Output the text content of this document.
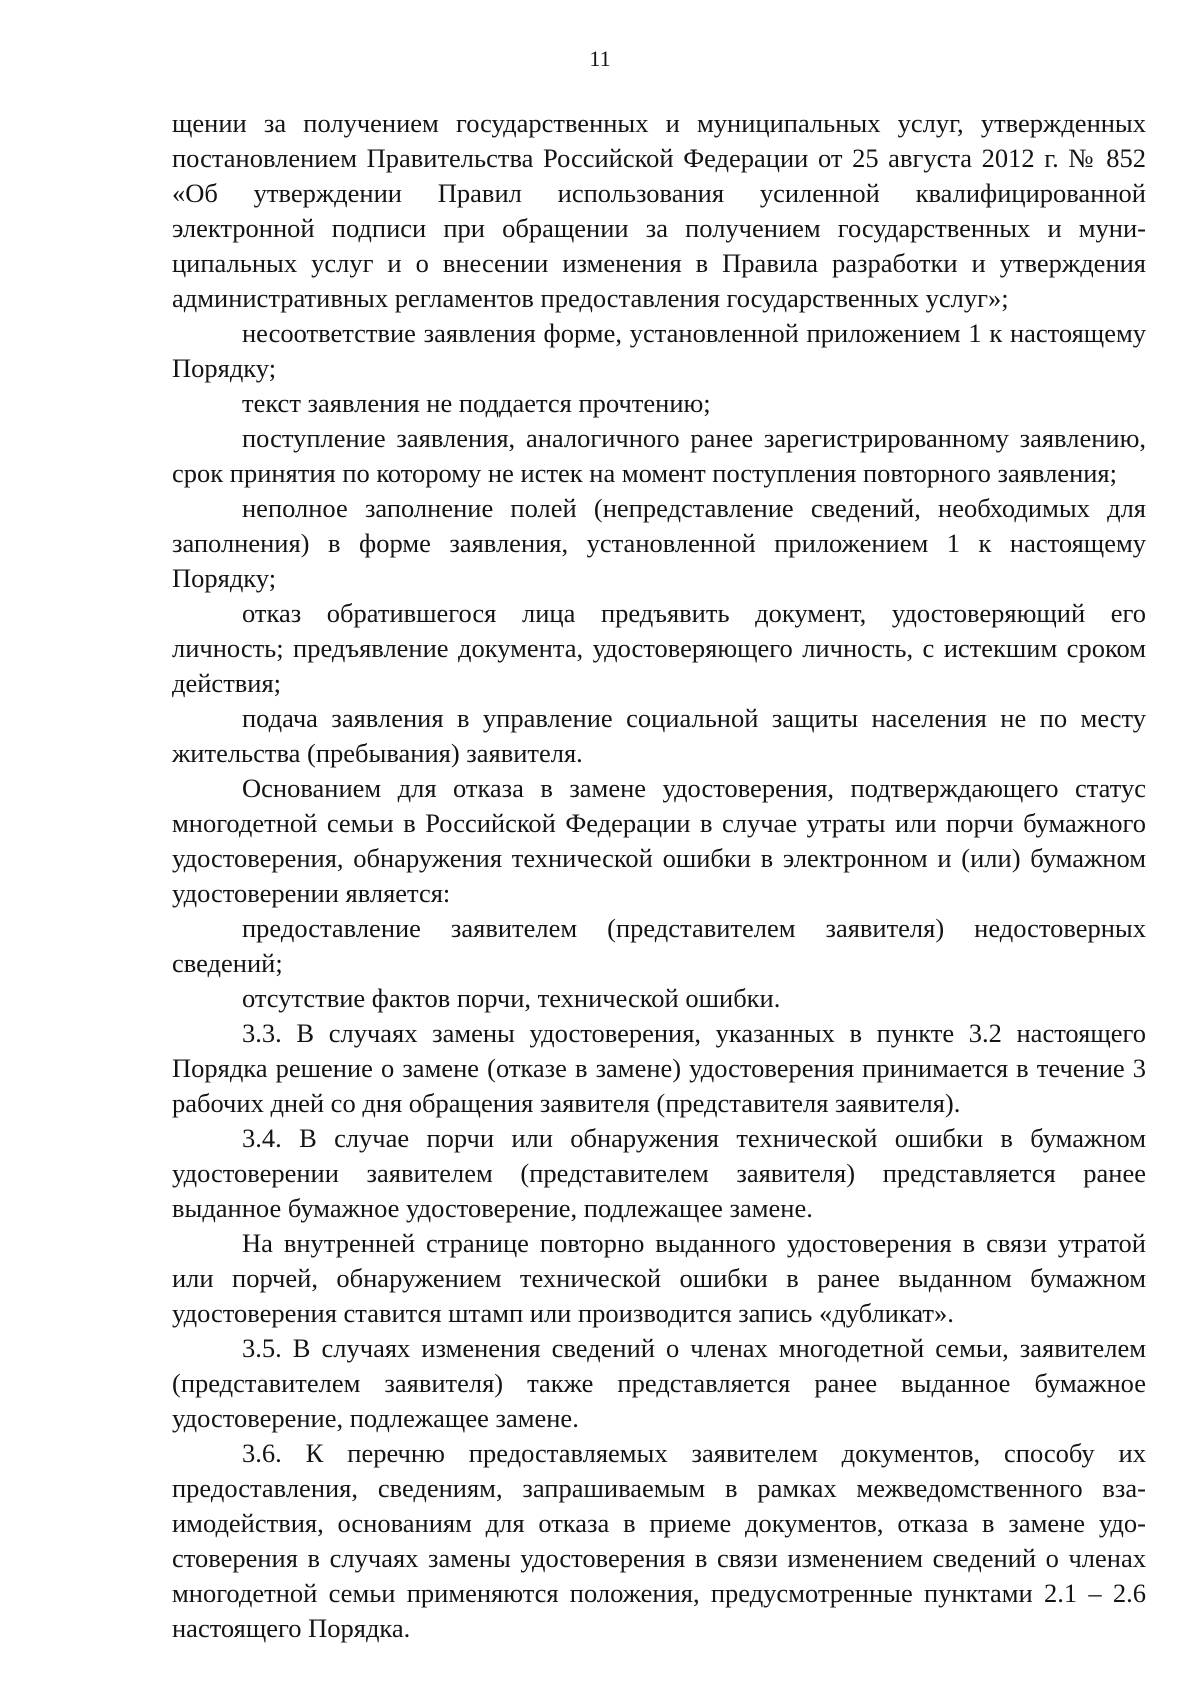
11

щении за получением государственных и муниципальных услуг, утвержденных постановлением Правительства Российской Федерации от 25 августа 2012 г. № 852 «Об утверждении Правил использования усиленной квалифицированной электронной подписи при обращении за получением государственных и муниципальных услуг и о внесении изменения в Правила разработки и утверждения административных регламентов предоставления государственных услуг»;

несоответствие заявления форме, установленной приложением 1 к настоящему Порядку;

текст заявления не поддается прочтению;

поступление заявления, аналогичного ранее зарегистрированному заявлению, срок принятия по которому не истек на момент поступления повторного заявления;

неполное заполнение полей (непредставление сведений, необходимых для заполнения) в форме заявления, установленной приложением 1 к настоящему Порядку;

отказ обратившегося лица предъявить документ, удостоверяющий его личность; предъявление документа, удостоверяющего личность, с истекшим сроком действия;

подача заявления в управление социальной защиты населения не по месту жительства (пребывания) заявителя.

Основанием для отказа в замене удостоверения, подтверждающего статус многодетной семьи в Российской Федерации в случае утраты или порчи бумажного удостоверения, обнаружения технической ошибки в электронном и (или) бумажном удостоверении является:

предоставление заявителем (представителем заявителя) недостоверных сведений;

отсутствие фактов порчи, технической ошибки.

3.3. В случаях замены удостоверения, указанных в пункте 3.2 настоящего Порядка решение о замене (отказе в замене) удостоверения принимается в течение 3 рабочих дней со дня обращения заявителя (представителя заявителя).

3.4. В случае порчи или обнаружения технической ошибки в бумажном удостоверении заявителем (представителем заявителя) представляется ранее выданное бумажное удостоверение, подлежащее замене.

На внутренней странице повторно выданного удостоверения в связи утратой или порчей, обнаружением технической ошибки в ранее выданном бумажном удостоверения ставится штамп или производится запись «дубликат».

3.5. В случаях изменения сведений о членах многодетной семьи, заявителем (представителем заявителя) также представляется ранее выданное бумажное удостоверение, подлежащее замене.

3.6. К перечню предоставляемых заявителем документов, способу их предоставления, сведениям, запрашиваемым в рамках межведомственного взаимодействия, основаниям для отказа в приеме документов, отказа в замене удостоверения в случаях замены удостоверения в связи изменением сведений о членах многодетной семьи применяются положения, предусмотренные пунктами 2.1 – 2.6 настоящего Порядка.
